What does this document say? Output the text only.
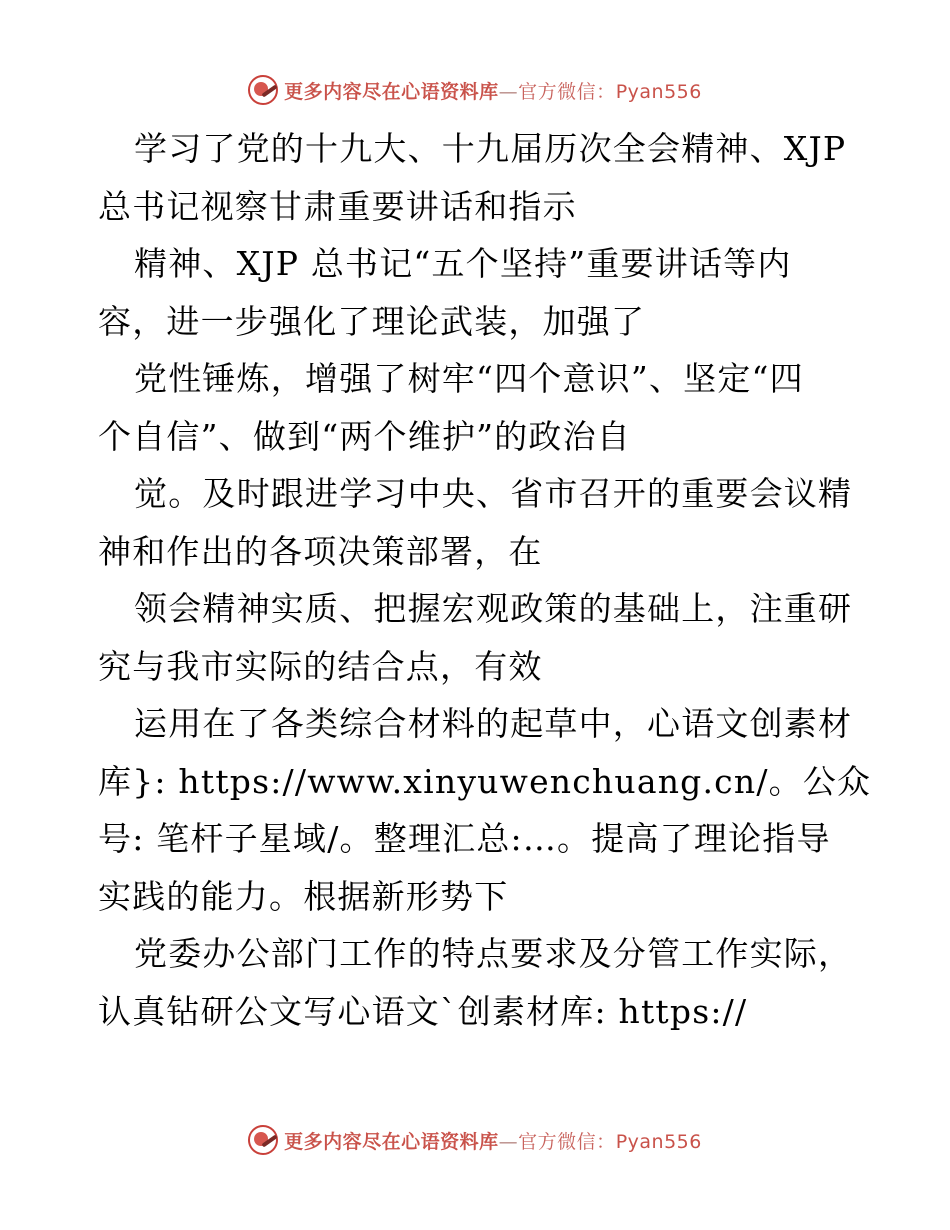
更多内容尽在心语资料库—官方微信：Pyan556
学习了党的十九大、十九届历次全会精神、XJP
总书记视察甘肃重要讲话和指示
精神、XJP 总书记“五个坚持”重要讲话等内
容，进一步强化了理论武装，加强了
党性锤炼，增强了树牢“四个意识”、坚定“四
个自信”、做到“两个维护”的政治自
觉。及时跟进学习中央、省市召开的重要会议精
神和作出的各项决策部署，在
领会精神实质、把握宏观政策的基础上，注重研
究与我市实际的结合点，有效
运用在了各类综合材料的起草中，心语文创素材
库}: https://www.xinyuwenchuang.cn/。公众
号: 笔杆子星域/。整理汇总:…。提高了理论指导
实践的能力。根据新形势下
党委办公部门工作的特点要求及分管工作实际，
认真钻研公文写心语文`创素材库: https://
更多内容尽在心语资料库—官方微信：Pyan556
